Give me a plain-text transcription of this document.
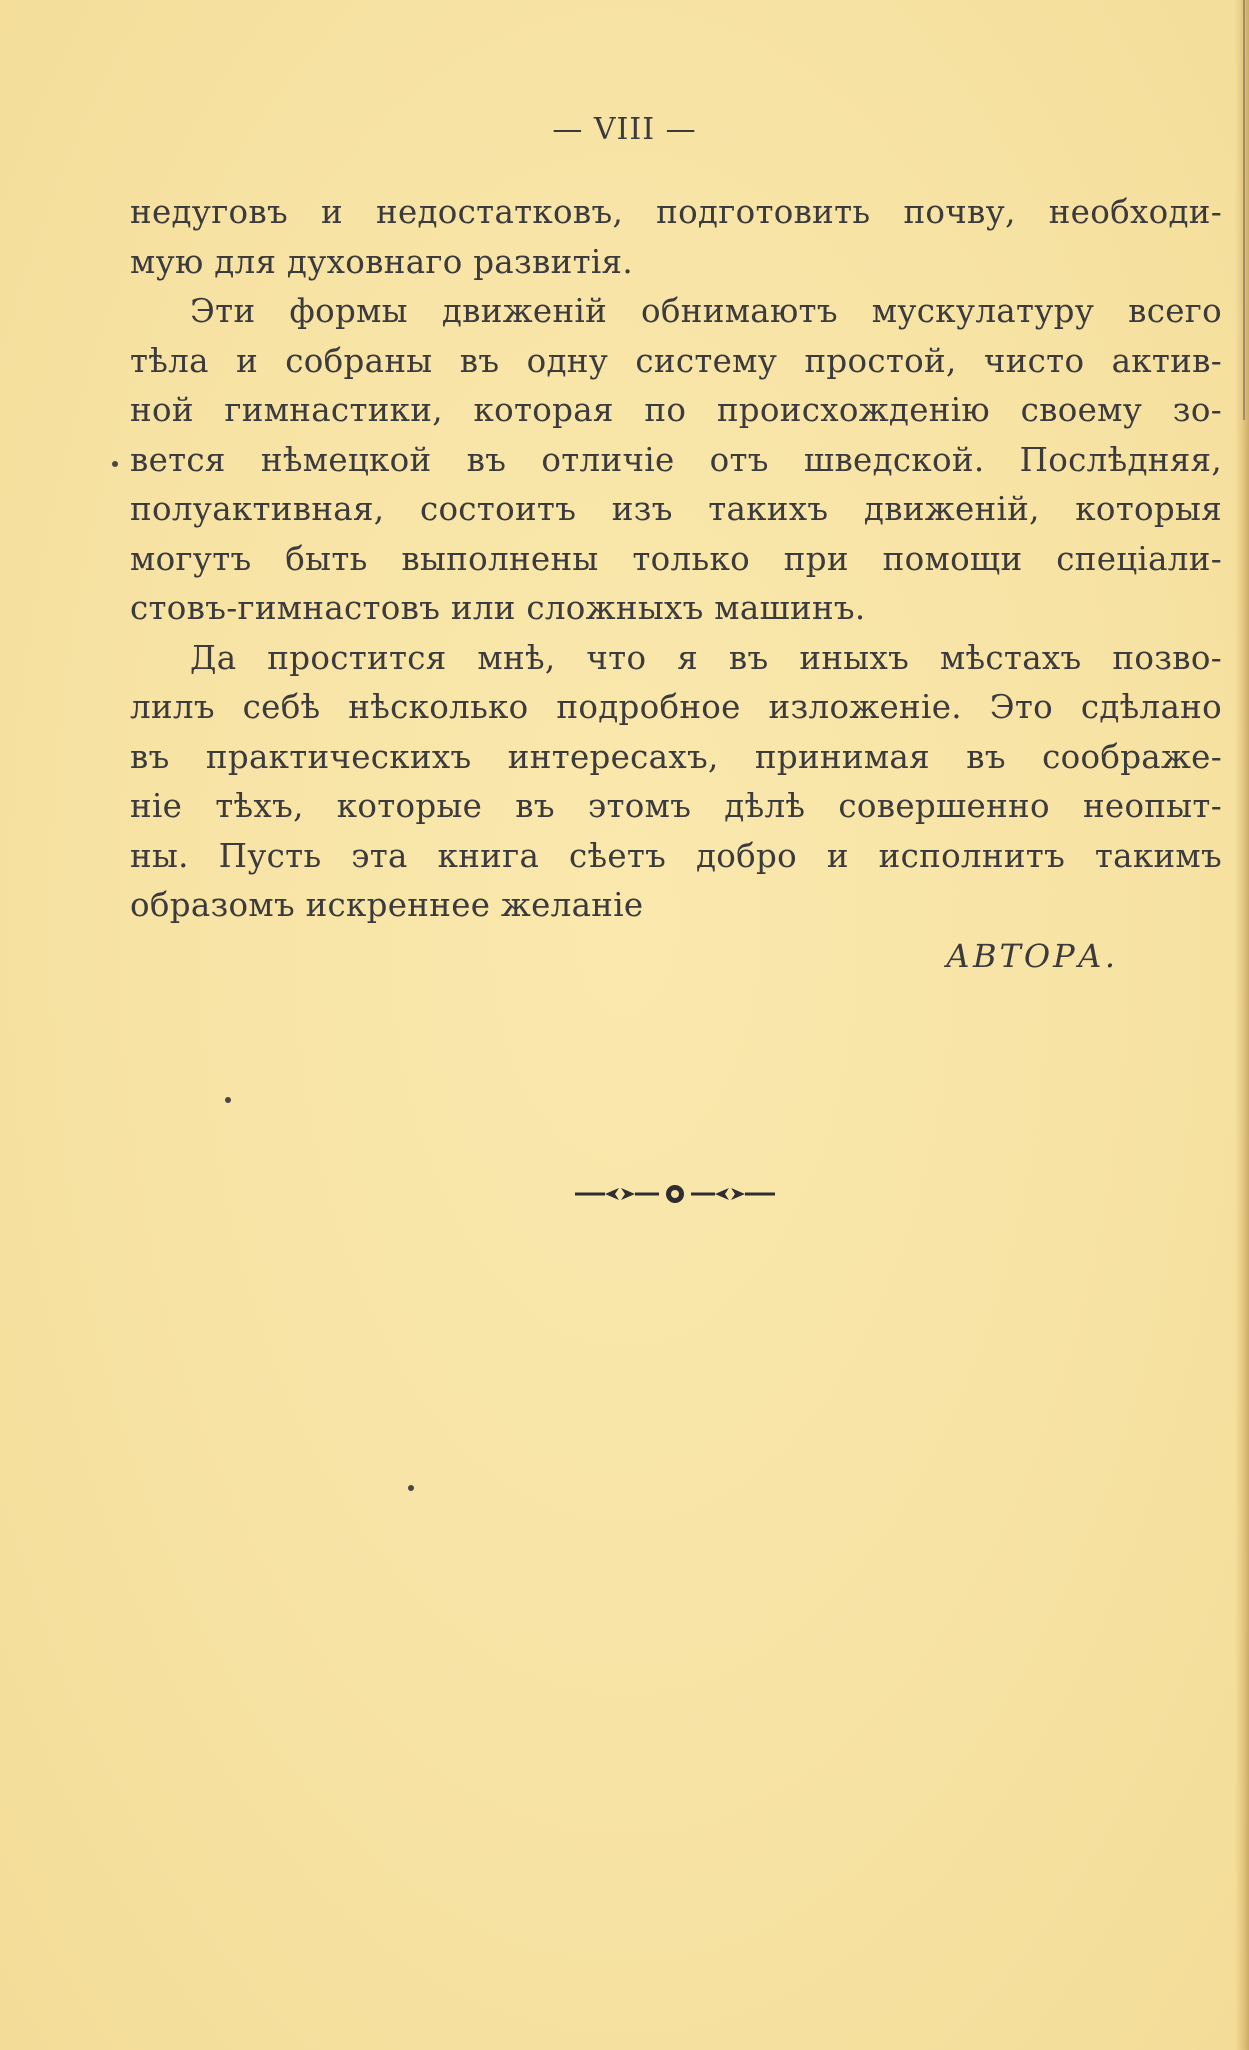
— VIII —
недуговъ и недостатковъ, подготовить почву, необходи-
мую для духовнаго развитія.
Эти формы движеній обнимаютъ мускулатуру всего
тѣла и собраны въ одну систему простой, чисто актив-
ной гимнастики, которая по происхожденію своему зо-
вется нѣмецкой въ отличіе отъ шведской. Послѣдняя,
полуактивная, состоитъ изъ такихъ движеній, которыя
могутъ быть выполнены только при помощи спеціали-
стовъ-гимнастовъ или сложныхъ машинъ.
Да простится мнѣ, что я въ иныхъ мѣстахъ позво-
лилъ себѣ нѣсколько подробное изложеніе. Это сдѣлано
въ практическихъ интересахъ, принимая въ соображе-
ніе тѣхъ, которые въ этомъ дѣлѣ совершенно неопыт-
ны. Пусть эта книга сѣетъ добро и исполнитъ такимъ
образомъ искреннее желаніе
АВТОРА.
